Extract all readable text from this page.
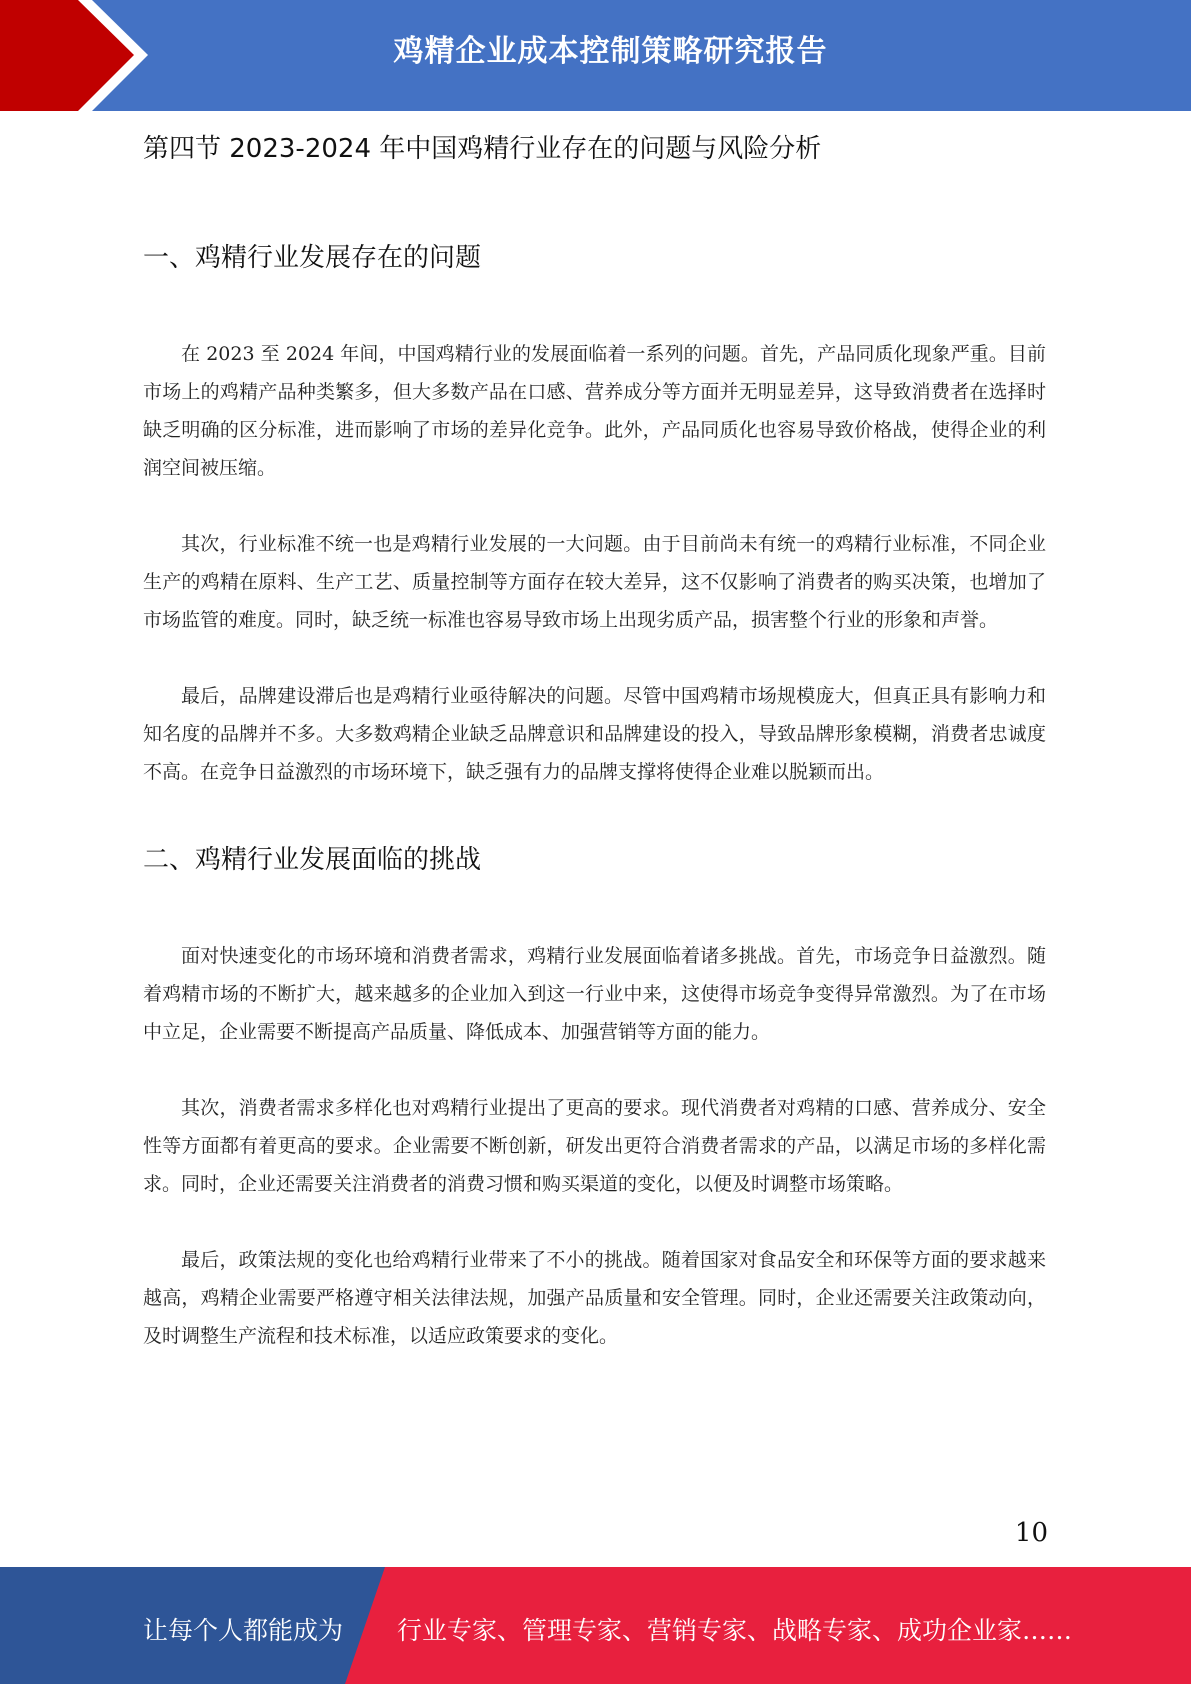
鸡精企业成本控制策略研究报告
第四节 2023-2024 年中国鸡精行业存在的问题与风险分析
一、鸡精行业发展存在的问题

在 2023 至 2024 年间，中国鸡精行业的发展面临着一系列的问题。首先，产品同质化现象严重。目前市场上的鸡精产品种类繁多，但大多数产品在口感、营养成分等方面并无明显差异，这导致消费者在选择时缺乏明确的区分标准，进而影响了市场的差异化竞争。此外，产品同质化也容易导致价格战，使得企业的利润空间被压缩。

其次，行业标准不统一也是鸡精行业发展的一大问题。由于目前尚未有统一的鸡精行业标准，不同企业生产的鸡精在原料、生产工艺、质量控制等方面存在较大差异，这不仅影响了消费者的购买决策，也增加了市场监管的难度。同时，缺乏统一标准也容易导致市场上出现劣质产品，损害整个行业的形象和声誉。

最后，品牌建设滞后也是鸡精行业亟待解决的问题。尽管中国鸡精市场规模庞大，但真正具有影响力和知名度的品牌并不多。大多数鸡精企业缺乏品牌意识和品牌建设的投入，导致品牌形象模糊，消费者忠诚度不高。在竞争日益激烈的市场环境下，缺乏强有力的品牌支撑将使得企业难以脱颖而出。

二、鸡精行业发展面临的挑战

面对快速变化的市场环境和消费者需求，鸡精行业发展面临着诸多挑战。首先，市场竞争日益激烈。随着鸡精市场的不断扩大，越来越多的企业加入到这一行业中来，这使得市场竞争变得异常激烈。为了在市场中立足，企业需要不断提高产品质量、降低成本、加强营销等方面的能力。

其次，消费者需求多样化也对鸡精行业提出了更高的要求。现代消费者对鸡精的口感、营养成分、安全性等方面都有着更高的要求。企业需要不断创新，研发出更符合消费者需求的产品，以满足市场的多样化需求。同时，企业还需要关注消费者的消费习惯和购买渠道的变化，以便及时调整市场策略。

最后，政策法规的变化也给鸡精行业带来了不小的挑战。随着国家对食品安全和环保等方面的要求越来越高，鸡精企业需要严格遵守相关法律法规，加强产品质量和安全管理。同时，企业还需要关注政策动向，及时调整生产流程和技术标准，以适应政策要求的变化。

10
让每个人都能成为 行业专家、管理专家、营销专家、战略专家、成功企业家……
